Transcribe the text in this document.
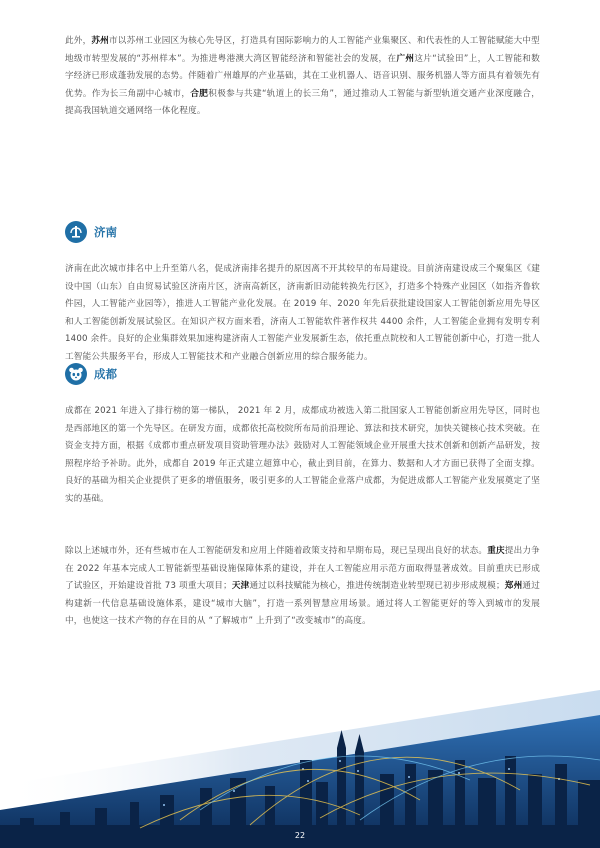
此外，苏州市以苏州工业园区为核心先导区，打造具有国际影响力的人工智能产业集聚区、和代表性的人工智能赋能大中型地级市转型发展的“苏州样本”。为推进粤港澳大湾区智能经济和智能社会的发展，在广州这片“试验田”上，人工智能和数字经济已形成蓬勃发展的态势。伴随着广州雄厚的产业基础，其在工业机器人、语音识别、服务机器人等方面具有着领先有优势。作为长三角副中心城市，合肥积极参与共建“轨道上的长三角”，通过推动人工智能与新型轨道交通产业深度融合，提高我国轨道交通网络一体化程度。

济南

济南在此次城市排名中上升至第八名，促成济南排名提升的原因离不开其较早的布局建设。目前济南建设成三个聚集区《建设中国（山东）自由贸易试验区济南片区，济南高新区，济南新旧动能转换先行区》，打造多个特殊产业园区（如指齐鲁软件园，人工智能产业园等），推进人工智能产业化发展。在 2019 年、2020 年先后获批建设国家人工智能创新应用先导区和人工智能创新发展试验区。在知识产权方面来看，济南人工智能软件著作权共 4400 余件，人工智能企业拥有发明专利 1400 余件。良好的企业集群效果加速构建济南人工智能产业发展新生态，依托重点院校和人工智能创新中心，打造一批人工智能公共服务平台，形成人工智能技术和产业融合创新应用的综合服务能力。

成都

成都在 2021 年进入了排行榜的第一梯队， 2021 年 2 月，成都成功被选入第二批国家人工智能创新应用先导区，同时也是西部地区的第一个先导区。在研发方面，成都依托高校院所布局前沿理论、算法和技术研究，加快关键核心技术突破。在资金支持方面，根据《成都市重点研发项目资助管理办法》鼓励对人工智能领域企业开展重大技术创新和创新产品研发，按照程序给予补助。此外，成都自 2019 年正式建立超算中心，截止到目前，在算力、数据和人才方面已获得了全面支撑。良好的基础为相关企业提供了更多的增值服务，吸引更多的人工智能企业落户成都，为促进成都人工智能产业发展奠定了坚实的基础。

除以上述城市外，还有些城市在人工智能研发和应用上伴随着政策支持和早期布局，现已呈现出良好的状态。重庆提出力争在 2022 年基本完成人工智能新型基础设施保障体系的建设，并在人工智能应用示范方面取得显著成效。目前重庆已形成了试验区，开始建设首批 73 项重大项目；天津通过以科技赋能为核心，推进传统制造业转型现已初步形成规模；郑州通过构建新一代信息基础设施体系，建设“城市大脑”，打造一系列智慧应用场景。通过将人工智能更好的等入到城市的发展中，也使这一技术产物的存在目的从 “了解城市” 上升到了“改变城市”的高度。

22
